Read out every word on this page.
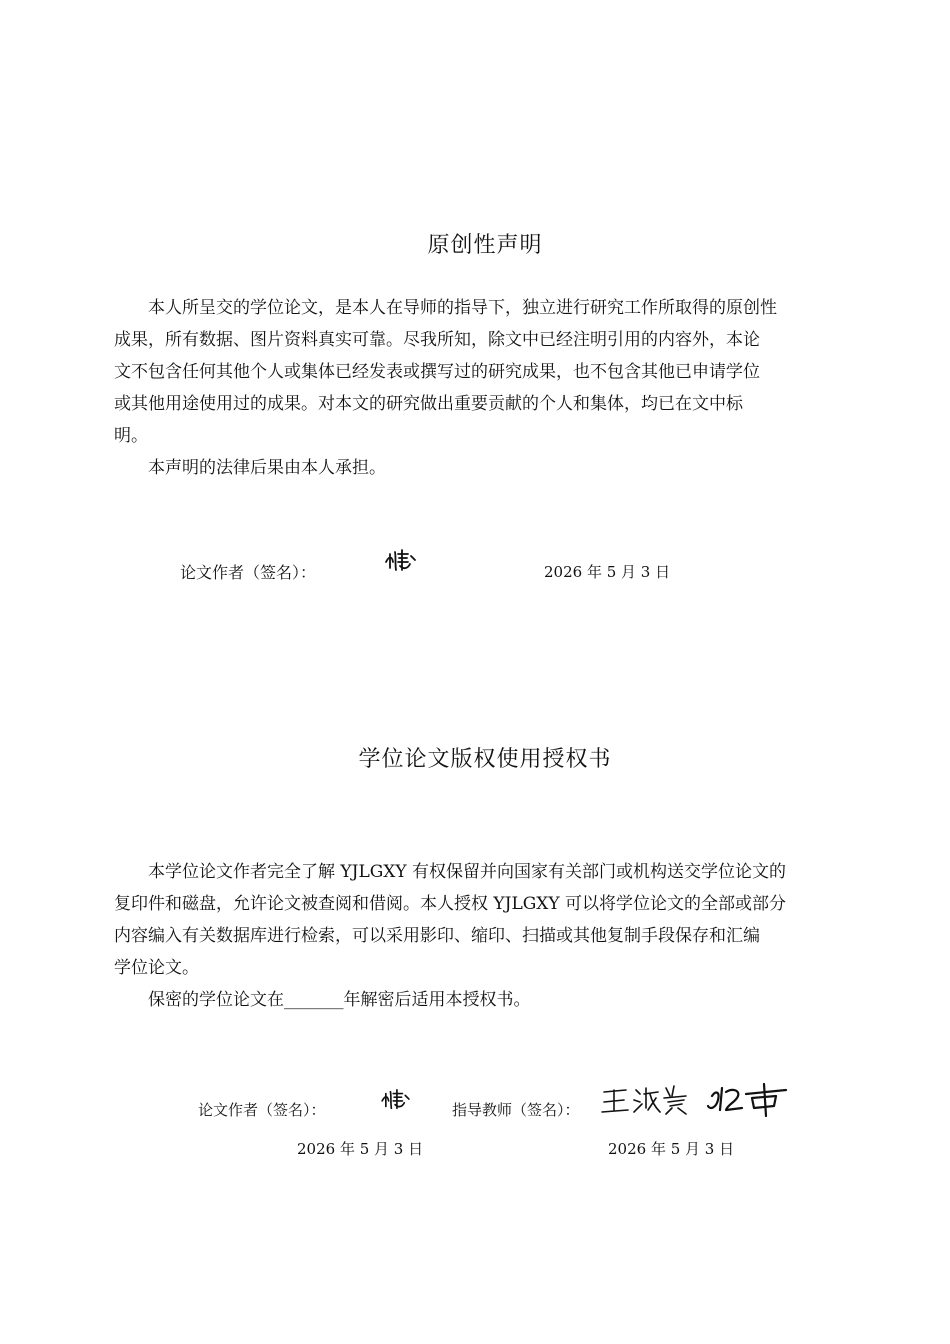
原创性声明

本人所呈交的学位论文，是本人在导师的指导下，独立进行研究工作所取得的原创性
成果，所有数据、图片资料真实可靠。尽我所知，除文中已经注明引用的内容外，本论
文不包含任何其他个人或集体已经发表或撰写过的研究成果，也不包含其他已申请学位
或其他用途使用过的成果。对本文的研究做出重要贡献的个人和集体，均已在文中标
明。

本声明的法律后果由本人承担。

论文作者（签名）：	2026 年 5 月 3 日
学位论文版权使用授权书

本学位论文作者完全了解 YJLGXY 有权保留并向国家有关部门或机构送交学位论文的
复印件和磁盘，允许论文被查阅和借阅。本人授权 YJLGXY 可以将学位论文的全部或部分
内容编入有关数据库进行检索，可以采用影印、缩印、扫描或其他复制手段保存和汇编
学位论文。

保密的学位论文在_______年解密后适用本授权书。

论文作者（签名）：	指导教师（签名）：
2026 年 5 月 3 日	2026 年 5 月 3 日
